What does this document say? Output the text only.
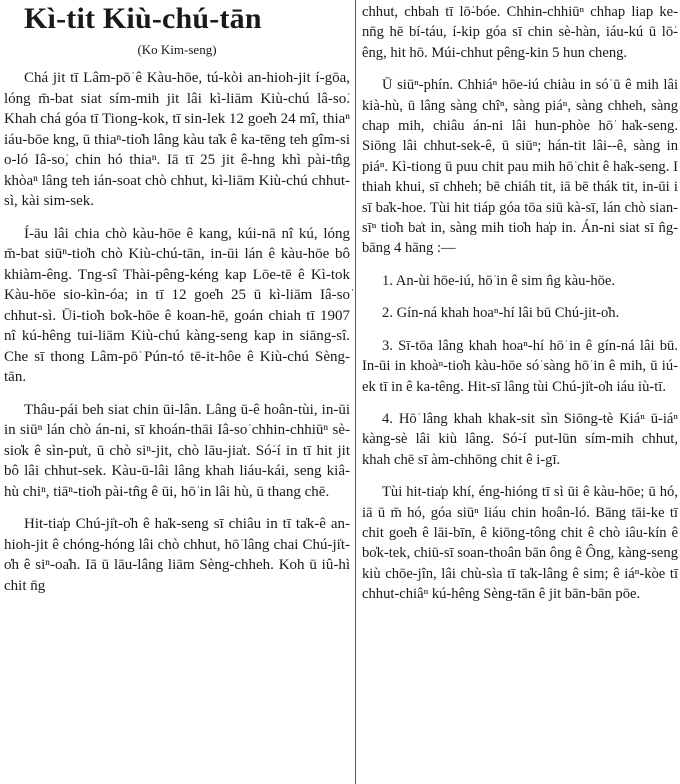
Kì-tit Kiù-chú-tān
(Ko Kim-seng)

Chá jit tī Lâm-pō͘ ê Kàu-hōe, tú-kòi an-hioh-jit í-gōa, lóng m̄-bat siat sím-mih jit lâi kì-liām Kiù-chú lâ-so͘. Khah chá góa tī Tiong-kok, tī sin-lek 12 goe̍h 24 mî, thiaⁿ iáu-bōe kng, ū thiaⁿ-tio̍h lâng kàu ta̍k ê ka-tēng teh gîm-si o-ló Iâ-so͘, chin hó thiaⁿ. Iā tī 25 jit ê-hng khì pài-tn̂g khòaⁿ lâng teh ián-soat chò chhut, kì-liām Kiù-chú chhut-sì, kài sim-sek.

Í-āu lâi chia chò kàu-hōe ê kang, kúi-nā nî kú, lóng m̄-bat siūⁿ-tio̍h chò Kiù-chú-tān, in-ūi lán ê kàu-hōe bô khiàm-êng. Tng-sî Thài-pêng-kéng kap Lōe-tē ê Kì-tok Kàu-hōe sio-kìn-óa; in tī 12 goe̍h 25 ū kì-liām Iâ-so͘ chhut-sì. Ūi-tio̍h bo̍k-hōe ê koan-hē, goán chiah tī 1907 nî kú-hêng tui-liām Kiù-chú kàng-seng kap in siāng-sî. Che sī thong Lâm-pō͘ Pún-tó tē-it-hôe ê Kiù-chú Sèng-tān.

Thâu-pái beh siat chin ūi-lân. Lâng ū-ê hoân-tùi, in-ūi in siūⁿ lán chò án-ni, sī khoán-thāi Iâ-so͘ chhin-chhiūⁿ sè-sio̍k ê sìn-pu̍t, ū chò siⁿ-jit, chò lāu-jia̍t. Só͘-í in tī hit jit bô lâi chhut-sek. Kàu-ū-lâi lâng khah liáu-kái, seng kiâ-hù chiⁿ, tiāⁿ-tio̍h pài-tn̂g ê ūi, hō͘ in lâi hù, ū thang chē.

Hit-tia̍p Chú-ji̍t-o̍h ê ha̍k-seng sī chiâu in tī ta̍k-ê an-hioh-jit ê chóng-hóng lâi chò chhut, hō͘ lâng chai Chú-ji̍t-o̍h ê siⁿ-oa̍h. Iā ū lāu-lâng liām Sèng-chheh. Koh ū iû-hì chit n̄g

chhut, chbah tī lō͘-bóe. Chhin-chhiūⁿ chhap liap ke-nn̄g hē bí-táu, í-kip góa sī chin sè-hàn, iáu-kú ū lō͘-êng, hit hō. Múi-chhut pêng-kin 5 hun cheng.

Ū siūⁿ-phín. Chhiáⁿ hōe-iú chiàu in só͘ ū ê mih lâi kià-hù, ū lâng sàng chîⁿ, sàng piáⁿ, sàng chheh, sàng chap mih, chiâu án-ni lâi hun-phòe hō͘ ha̍k-seng. Siōng lâi chhut-sek-ê, ū siūⁿ; hán-tit lâi--ê, sàng in piáⁿ. Kì-tiong ū puu chit pau mih hō͘ chit ê ha̍k-seng. I thiah khui, sī chheh; bē chiáh tit, iā bē thák tit, in-ūi i sī ba̍k-hoe. Tùi hit tiáp góa tōa siū kà-sī, lán chò sian-sīⁿ tio̍h ba̍t in, sàng mih tio̍h ha̍p in. Án-ni siat sī n̂g-bāng 4 hāng :—

1. An-ùi hōe-iú, hō͘ in ê sim n̂g kàu-hōe.

2. Gín-ná khah hoaⁿ-hí lâi bū Chú-jit-o̍h.

3. Sī-tōa lâng khah hoaⁿ-hí hō͘ in ê gín-ná lâi bū. In-ūi in khoàⁿ-tio̍h kàu-hōe só͘ sàng hō͘ in ê mih, ū iú-ek tī in ê ka-têng. Hit-sī lâng tùi Chú-ji̍t-o̍h iáu iù-tī.

4. Hō͘ lâng khah khak-sit sìn Siōng-tè Kiáⁿ ū-iáⁿ kàng-sè lâi kiù lâng. Só͘-í put-lūn sím-mih chhut, khah chē sī àm-chhōng chit ê i-gī.

Tùi hit-tia̍p khí, éng-hióng tī sì ūi ê kàu-hōe; ū hó, iā ū m̄ hó, góa siūⁿ liáu chin hoân-ló. Bāng tāi-ke tī chit goe̍h ê lāi-bīn, ê kiōng-tông chit ê chò iâu-kín ê bo̍k-tek, chiū-sī soan-thoân bān ông ê Ông, kàng-seng kiù chōe-jîn, lâi chù-sìa tī ta̍k-lâng ê sim; ê iáⁿ-kòe tī chhut-chiâⁿ kú-hêng Sèng-tān ê jit bān-bān pōe.
